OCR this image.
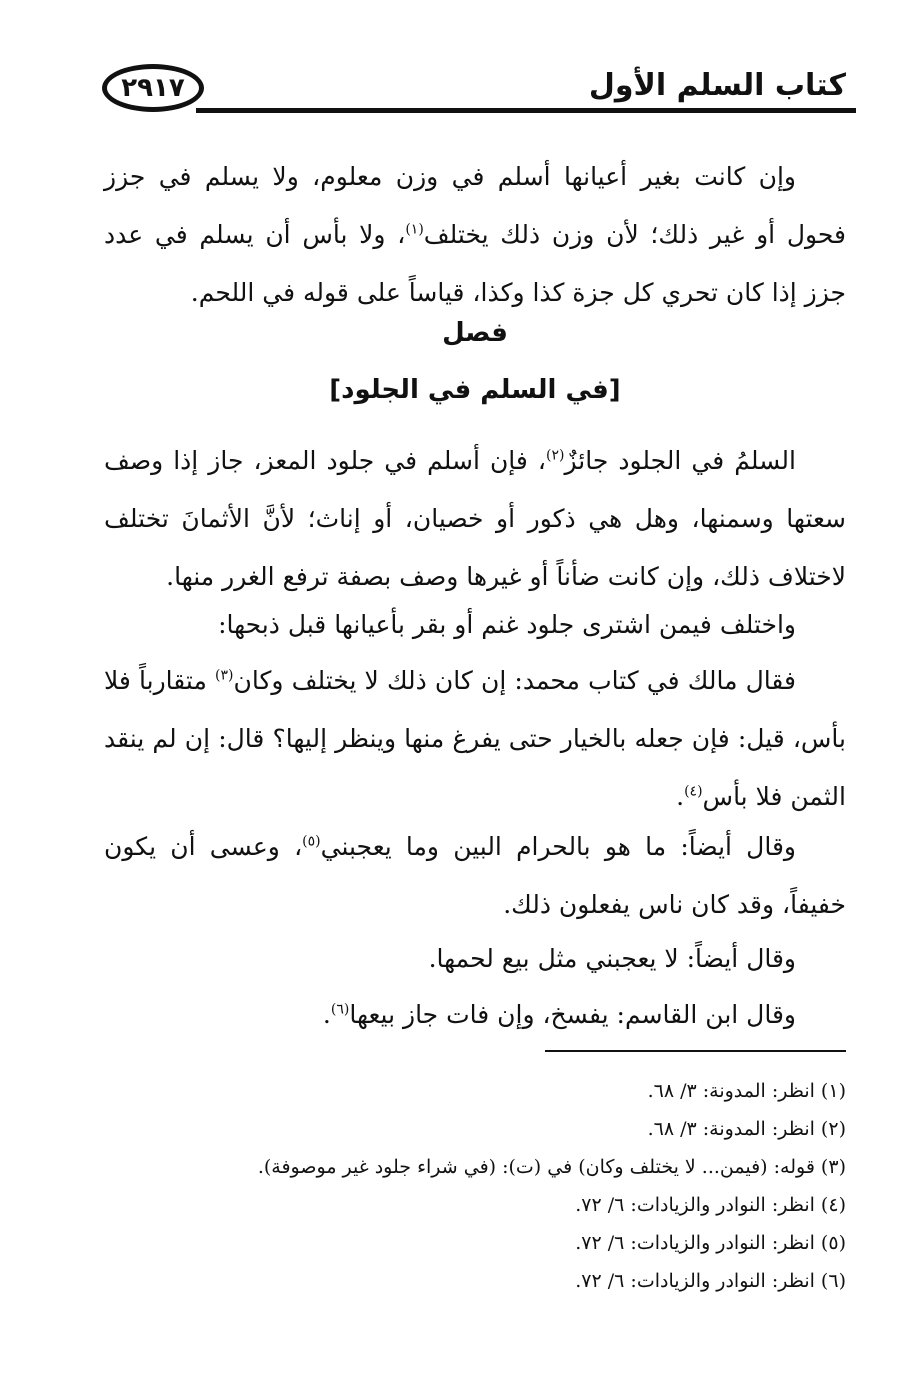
٢٩١٧	كتاب السلم الأول

وإن كانت بغير أعيانها أسلم في وزن معلوم، ولا يسلم في جزز فحول أو غير ذلك؛ لأن وزن ذلك يختلف$^{(١)}$، ولا بأس أن يسلم في عدد جزز إذا كان تحري كل جزة كذا وكذا، قياساً على قوله في اللحم.

فصل
[في السلم في الجلود]

السلمُ في الجلود جائزٌ$^{(٢)}$، فإن أسلم في جلود المعز، جاز إذا وصف سعتها وسمنها، وهل هي ذكور أو خصيان، أو إناث؛ لأنَّ الأثمانَ تختلف لاختلاف ذلك، وإن كانت ضأناً أو غيرها وصف بصفة ترفع الغرر منها.

واختلف فيمن اشترى جلود غنم أو بقر بأعيانها قبل ذبحها:

فقال مالك في كتاب محمد: إن كان ذلك لا يختلف وكان$^{(٣)}$ متقارباً فلا بأس، قيل: فإن جعله بالخيار حتى يفرغ منها وينظر إليها؟ قال: إن لم ينقد الثمن فلا بأس$^{(٤)}$.

وقال أيضاً: ما هو بالحرام البين وما يعجبني$^{(٥)}$، وعسى أن يكون خفيفاً، وقد كان ناس يفعلون ذلك.

وقال أيضاً: لا يعجبني مثل بيع لحمها.

وقال ابن القاسم: يفسخ، وإن فات جاز بيعها$^{(٦)}$.

(١) انظر: المدونة: ٣/ ٦٨.

(٢) انظر: المدونة: ٣/ ٦٨.

(٣) قوله: (فيمن... لا يختلف وكان) في (ت): (في شراء جلود غير موصوفة).

(٤) انظر: النوادر والزيادات: ٦/ ٧٢.

(٥) انظر: النوادر والزيادات: ٦/ ٧٢.

(٦) انظر: النوادر والزيادات: ٦/ ٧٢.
